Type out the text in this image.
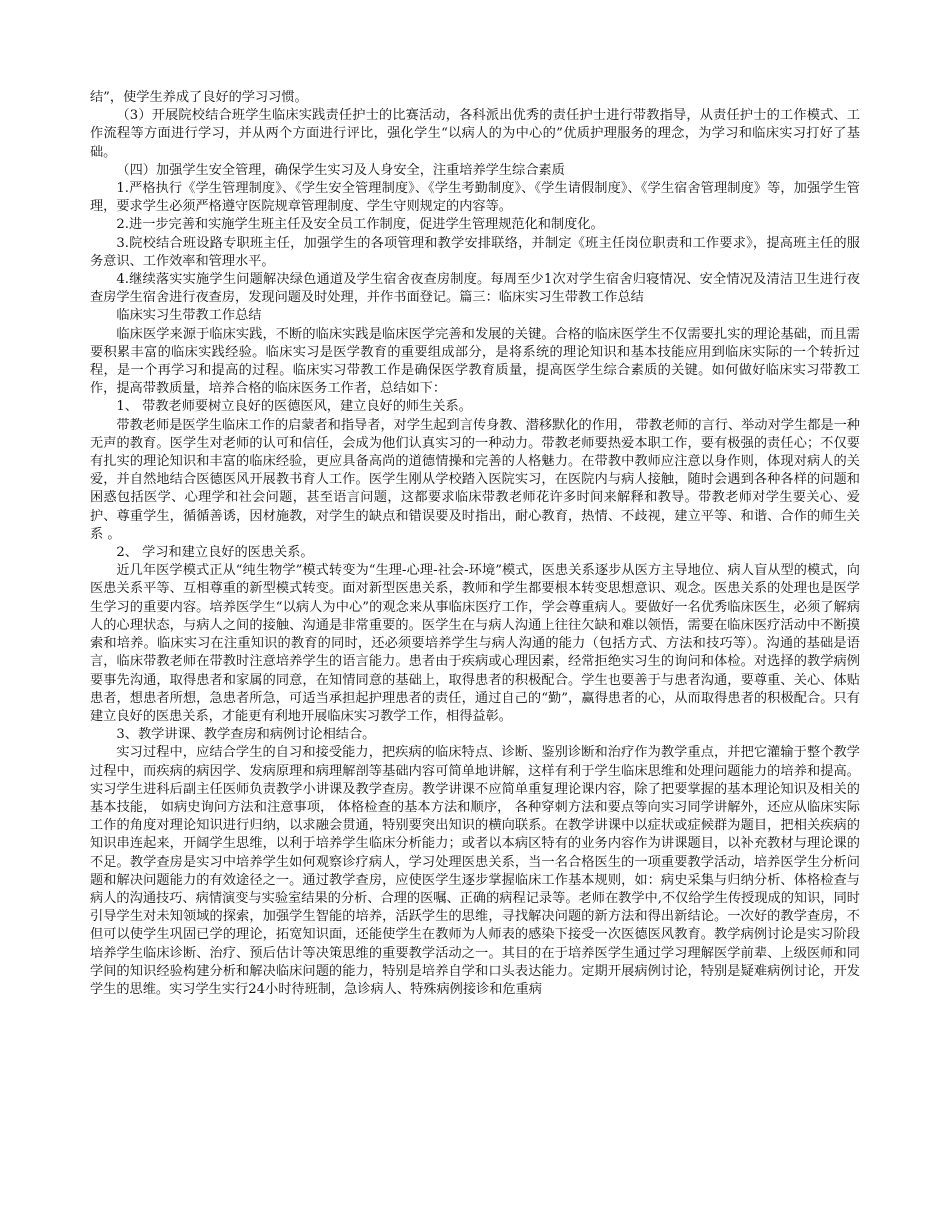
结”，使学生养成了良好的学习习惯。

（3）开展院校结合班学生临床实践责任护士的比赛活动，各科派出优秀的责任护士进行带教指导，从责任护士的工作模式、工作流程等方面进行学习，并从两个方面进行评比，强化学生“以病人的为中心的”优质护理服务的理念，为学习和临床实习打好了基础。

（四）加强学生安全管理，确保学生实习及人身安全，注重培养学生综合素质

1.严格执行《学生管理制度》、《学生安全管理制度》、《学生考勤制度》、《学生请假制度》、《学生宿舍管理制度》等，加强学生管理，要求学生必须严格遵守医院规章管理制度、学生守则规定的内容等。

2.进一步完善和实施学生班主任及安全员工作制度，促进学生管理规范化和制度化。

3.院校结合班设路专职班主任，加强学生的各项管理和教学安排联络，并制定《班主任岗位职责和工作要求》，提高班主任的服务意识、工作效率和管理水平。

4.继续落实实施学生问题解决绿色通道及学生宿舍夜查房制度。每周至少1次对学生宿舍归寝情况、安全情况及清洁卫生进行夜查房学生宿舍进行夜查房，发现问题及时处理，并作书面登记。篇三：临床实习生带教工作总结

临床实习生带教工作总结

临床医学来源于临床实践，不断的临床实践是临床医学完善和发展的关键。合格的临床医学生不仅需要扎实的理论基础，而且需要积累丰富的临床实践经验。临床实习是医学教育的重要组成部分，是将系统的理论知识和基本技能应用到临床实际的一个转折过程，是一个再学习和提高的过程。临床实习带教工作是确保医学教育质量，提高医学生综合素质的关键。如何做好临床实习带教工作，提高带教质量，培养合格的临床医务工作者，总结如下：

1、 带教老师要树立良好的医德医风，建立良好的师生关系。

带教老师是医学生临床工作的启蒙者和指导者，对学生起到言传身教、潜移默化的作用， 带教老师的言行、举动对学生都是一种无声的教育。医学生对老师的认可和信任，会成为他们认真实习的一种动力。带教老师要热爱本职工作，要有极强的责任心；不仅要有扎实的理论知识和丰富的临床经验，更应具备高尚的道德情操和完善的人格魅力。在带教中教师应注意以身作则，体现对病人的关爱，并自然地结合医德医风开展教书育人工作。医学生刚从学校踏入医院实习，在医院内与病人接触，随时会遇到各种各样的问题和困惑包括医学、心理学和社会问题，甚至语言问题，这都要求临床带教老师花许多时间来解释和教导。带教老师对学生要关心、爱护、尊重学生，循循善诱，因材施教，对学生的缺点和错误要及时指出，耐心教育，热情、不歧视，建立平等、和谐、合作的师生关系 。

2、 学习和建立良好的医患关系。

近几年医学模式正从“纯生物学”模式转变为“生理-心理-社会-环境”模式，医患关系逐步从医方主导地位、病人盲从型的模式，向医患关系平等、互相尊重的新型模式转变。面对新型医患关系，教师和学生都要根本转变思想意识、观念。医患关系的处理也是医学生学习的重要内容。培养医学生“以病人为中心”的观念来从事临床医疗工作，学会尊重病人。要做好一名优秀临床医生，必须了解病人的心理状态，与病人之间的接触、沟通是非常重要的。医学生在与病人沟通上往往欠缺和难以领悟，需要在临床医疗活动中不断摸索和培养。临床实习在注重知识的教育的同时，还必须要培养学生与病人沟通的能力（包括方式、方法和技巧等）。沟通的基础是语言，临床带教老师在带教时注意培养学生的语言能力。患者由于疾病或心理因素，经常拒绝实习生的询问和体检。对选择的教学病例要事先沟通，取得患者和家属的同意，在知情同意的基础上，取得患者的积极配合。学生也要善于与患者沟通，要尊重、关心、体贴患者，想患者所想，急患者所急，可适当承担起护理患者的责任，通过自己的“勤”，赢得患者的心，从而取得患者的积极配合。只有建立良好的医患关系，才能更有利地开展临床实习教学工作，相得益彰。

3、教学讲课、教学查房和病例讨论相结合。

实习过程中，应结合学生的自习和接受能力，把疾病的临床特点、诊断、鉴别诊断和治疗作为教学重点，并把它灌输于整个教学过程中，而疾病的病因学、发病原理和病理解剖等基础内容可简单地讲解，这样有利于学生临床思维和处理问题能力的培养和提高。实习学生进科后副主任医师负责教学小讲课及教学查房。教学讲课不应简单重复理论课内容，除了把要掌握的基本理论知识及相关的基本技能， 如病史询问方法和注意事项， 体格检查的基本方法和顺序， 各种穿刺方法和要点等向实习同学讲解外，还应从临床实际工作的角度对理论知识进行归纳，以求融会贯通，特别要突出知识的横向联系。在教学讲课中以症状或症候群为题目，把相关疾病的知识串连起来，开阔学生思维，以利于培养学生临床分析能力；或者以本病区特有的业务内容作为讲课题目，以补充教材与理论课的不足。教学查房是实习中培养学生如何观察诊疗病人，学习处理医患关系，当一名合格医生的一项重要教学活动，培养医学生分析问题和解决问题能力的有效途径之一。通过教学查房，应使医学生逐步掌握临床工作基本规则，如：病史采集与归纳分析、体格检查与病人的沟通技巧、病情演变与实验室结果的分析、合理的医嘱、正确的病程记录等。老师在教学中,不仅给学生传授现成的知识，同时引导学生对未知领域的探索，加强学生智能的培养，活跃学生的思维，寻找解决问题的新方法和得出新结论。一次好的教学查房，不但可以使学生巩固已学的理论，拓宽知识面，还能使学生在教师为人师表的感染下接受一次医德医风教育。教学病例讨论是实习阶段培养学生临床诊断、治疗、预后估计等决策思维的重要教学活动之一。其目的在于培养医学生通过学习理解医学前辈、上级医师和同学间的知识经验构建分析和解决临床问题的能力，特别是培养自学和口头表达能力。定期开展病例讨论，特别是疑难病例讨论，开发学生的思维。实习学生实行24小时待班制，急诊病人、特殊病例接诊和危重病
